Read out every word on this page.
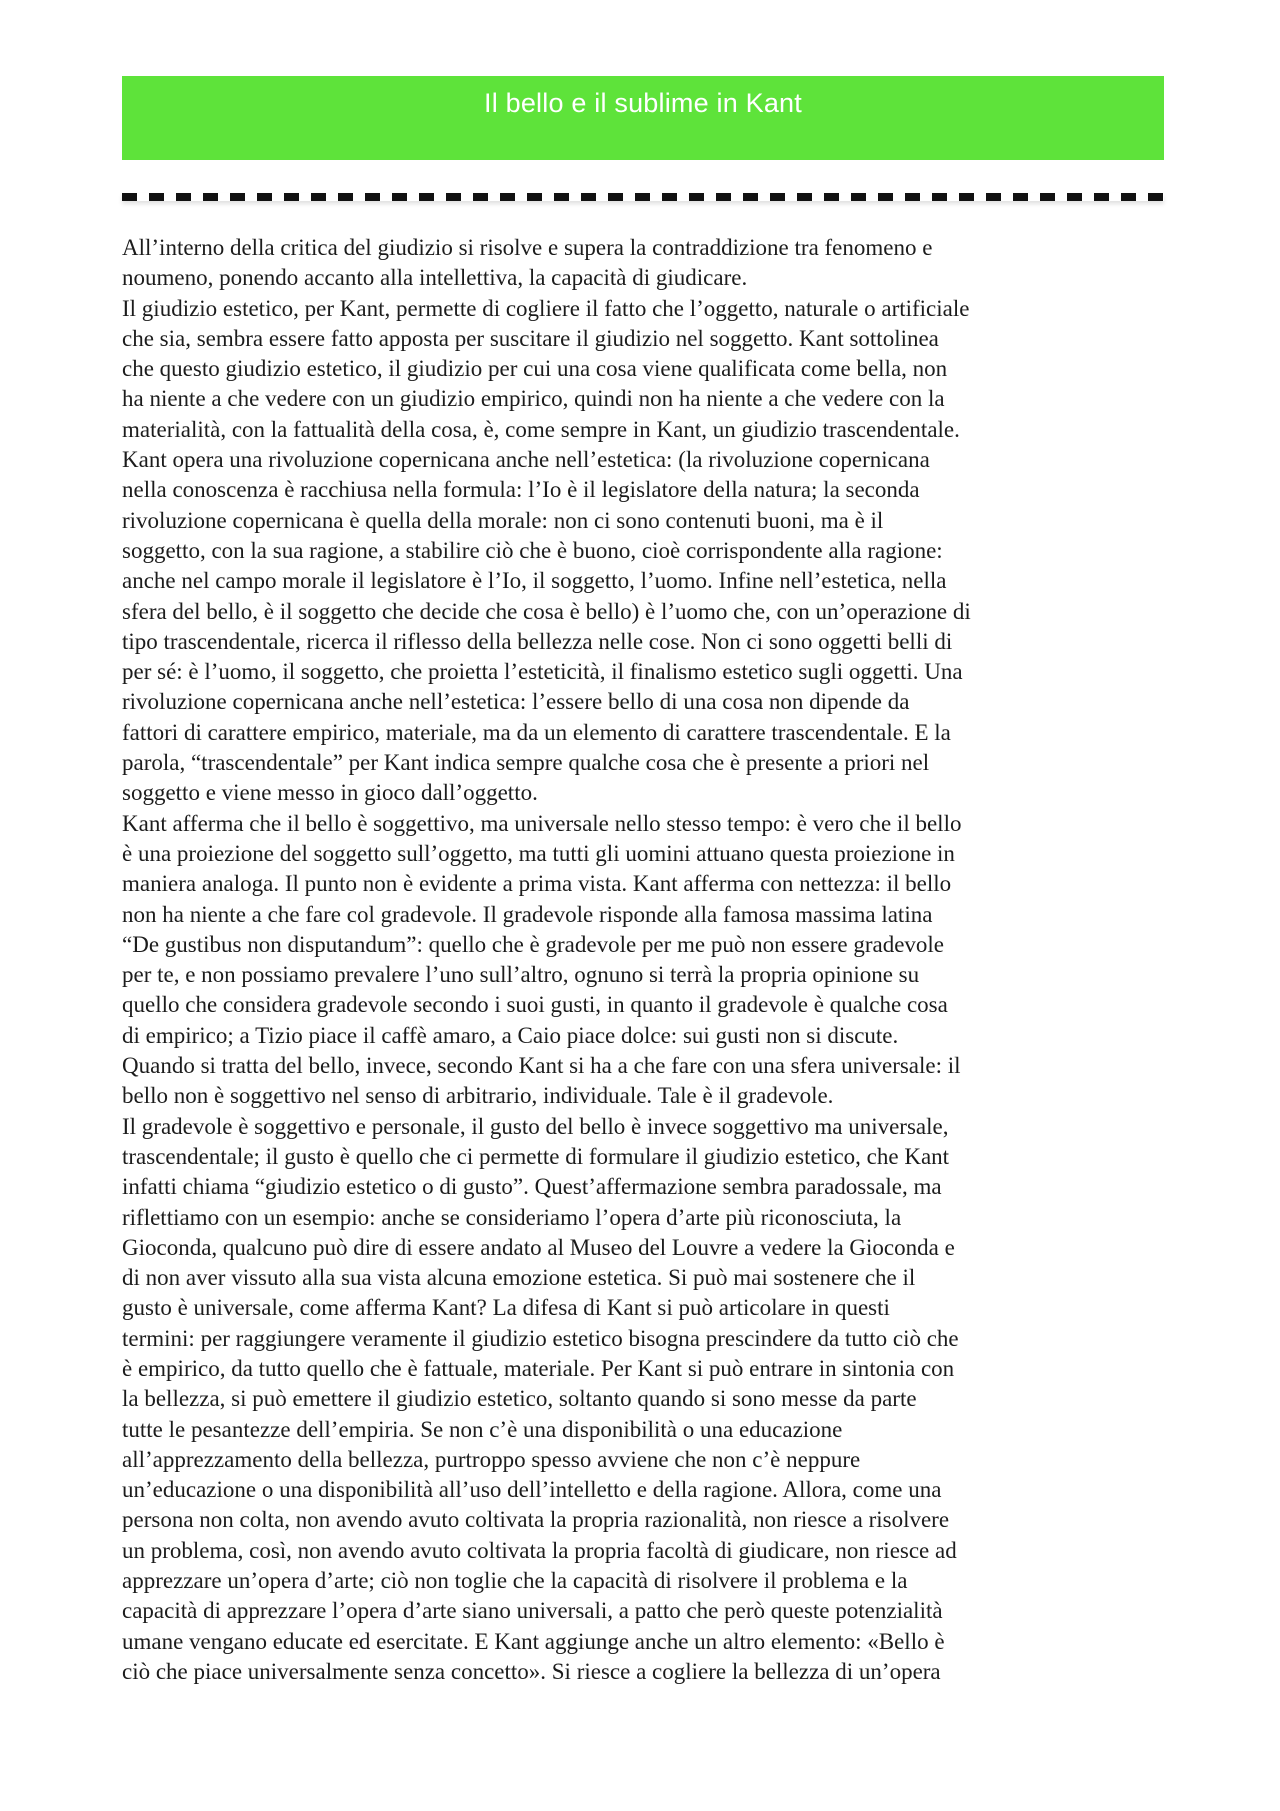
Il bello e il sublime in Kant

All’interno della critica del giudizio si risolve e supera la contraddizione tra fenomeno e
noumeno, ponendo accanto alla intellettiva, la capacità di giudicare.

Il giudizio estetico, per Kant, permette di cogliere il fatto che l’oggetto, naturale o artificiale
che sia, sembra essere fatto apposta per suscitare il giudizio nel soggetto. Kant sottolinea
che questo giudizio estetico, il giudizio per cui una cosa viene qualificata come bella, non
ha niente a che vedere con un giudizio empirico, quindi non ha niente a che vedere con la
materialità, con la fattualità della cosa, è, come sempre in Kant, un giudizio trascendentale.
Kant opera una rivoluzione copernicana anche nell’estetica: (la rivoluzione copernicana
nella conoscenza è racchiusa nella formula: l’Io è il legislatore della natura; la seconda
rivoluzione copernicana è quella della morale: non ci sono contenuti buoni, ma è il
soggetto, con la sua ragione, a stabilire ciò che è buono, cioè corrispondente alla ragione:
anche nel campo morale il legislatore è l’Io, il soggetto, l’uomo. Infine nell’estetica, nella
sfera del bello, è il soggetto che decide che cosa è bello) è l’uomo che, con un’operazione di
tipo trascendentale, ricerca il riflesso della bellezza nelle cose. Non ci sono oggetti belli di
per sé: è l’uomo, il soggetto, che proietta l’esteticità, il finalismo estetico sugli oggetti. Una
rivoluzione copernicana anche nell’estetica: l’essere bello di una cosa non dipende da
fattori di carattere empirico, materiale, ma da un elemento di carattere trascendentale. E la
parola, “trascendentale” per Kant indica sempre qualche cosa che è presente a priori nel
soggetto e viene messo in gioco dall’oggetto.

Kant afferma che il bello è soggettivo, ma universale nello stesso tempo: è vero che il bello
è una proiezione del soggetto sull’oggetto, ma tutti gli uomini attuano questa proiezione in
maniera analoga. Il punto non è evidente a prima vista. Kant afferma con nettezza: il bello
non ha niente a che fare col gradevole. Il gradevole risponde alla famosa massima latina
“De gustibus non disputandum”: quello che è gradevole per me può non essere gradevole
per te, e non possiamo prevalere l’uno sull’altro, ognuno si terrà la propria opinione su
quello che considera gradevole secondo i suoi gusti, in quanto il gradevole è qualche cosa
di empirico; a Tizio piace il caffè amaro, a Caio piace dolce: sui gusti non si discute.
Quando si tratta del bello, invece, secondo Kant si ha a che fare con una sfera universale: il
bello non è soggettivo nel senso di arbitrario, individuale. Tale è il gradevole.

Il gradevole è soggettivo e personale, il gusto del bello è invece soggettivo ma universale,
trascendentale; il gusto è quello che ci permette di formulare il giudizio estetico, che Kant
infatti chiama “giudizio estetico o di gusto”. Quest’affermazione sembra paradossale, ma
riflettiamo con un esempio: anche se consideriamo l’opera d’arte più riconosciuta, la
Gioconda, qualcuno può dire di essere andato al Museo del Louvre a vedere la Gioconda e
di non aver vissuto alla sua vista alcuna emozione estetica. Si può mai sostenere che il
gusto è universale, come afferma Kant? La difesa di Kant si può articolare in questi
termini: per raggiungere veramente il giudizio estetico bisogna prescindere da tutto ciò che
è empirico, da tutto quello che è fattuale, materiale. Per Kant si può entrare in sintonia con
la bellezza, si può emettere il giudizio estetico, soltanto quando si sono messe da parte
tutte le pesantezze dell’empiria. Se non c’è una disponibilità o una educazione
all’apprezzamento della bellezza, purtroppo spesso avviene che non c’è neppure
un’educazione o una disponibilità all’uso dell’intelletto e della ragione. Allora, come una
persona non colta, non avendo avuto coltivata la propria razionalità, non riesce a risolvere
un problema, così, non avendo avuto coltivata la propria facoltà di giudicare, non riesce ad
apprezzare un’opera d’arte; ciò non toglie che la capacità di risolvere il problema e la
capacità di apprezzare l’opera d’arte siano universali, a patto che però queste potenzialità
umane vengano educate ed esercitate. E Kant aggiunge anche un altro elemento: «Bello è
ciò che piace universalmente senza concetto». Si riesce a cogliere la bellezza di un’opera
